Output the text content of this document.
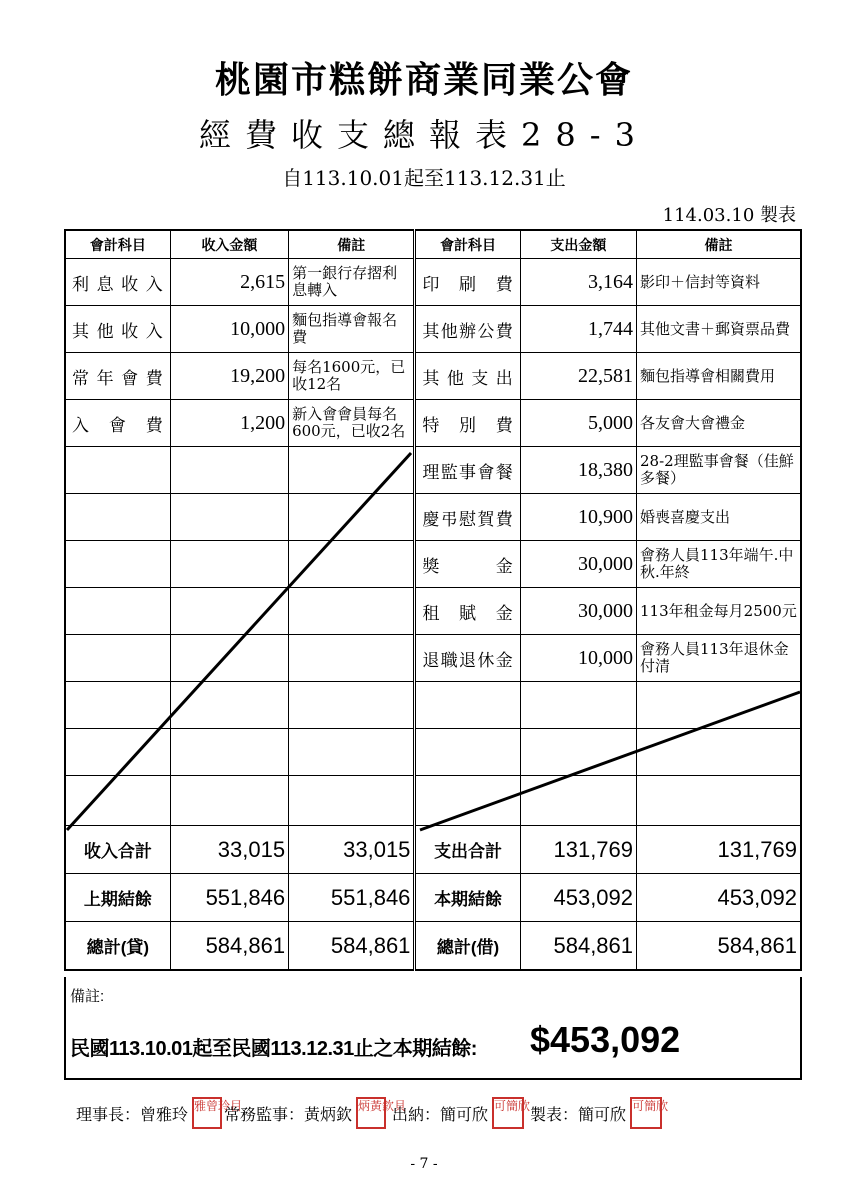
桃園市糕餅商業同業公會
經費收支總報表28-3
自113.10.01起至113.12.31止
114.03.10 製表
會計科目	收入金額	備註	會計科目	支出金額	備註
利息收入	2,615	第一銀行存摺利息轉入	印刷費	3,164	影印＋信封等資料
其他收入	10,000	麵包指導會報名費	其他辦公費	1,744	其他文書＋郵資票品費
常年會費	19,200	每名1600元，已收12名	其他支出	22,581	麵包指導會相關費用
入會費	1,200	新入會會員每名600元，已收2名	特別費	5,000	各友會大會禮金
			理監事會餐	18,380	28-2理監事會餐（佳鮮多餐）
			慶弔慰賀費	10,900	婚喪喜慶支出
			獎金	30,000	會務人員113年端午.中秋.年終
			租賦金	30,000	113年租金每月2500元
			退職退休金	10,000	會務人員113年退休金付清

收入合計	33,015	33,015	支出合計	131,769	131,769
上期結餘	551,846	551,846	本期結餘	453,092	453,092
總計(貸)	584,861	584,861	總計(借)	584,861	584,861
備註:
民國113.10.01起至民國113.12.31止之本期結餘: $453,092
理事長：曾雅玲 雅曾玲目
常務監事：黃炳欽 炳黃欽貝
出納：簡可欣 可簡欣 製表：簡可欣 可簡欣
- 7 -
